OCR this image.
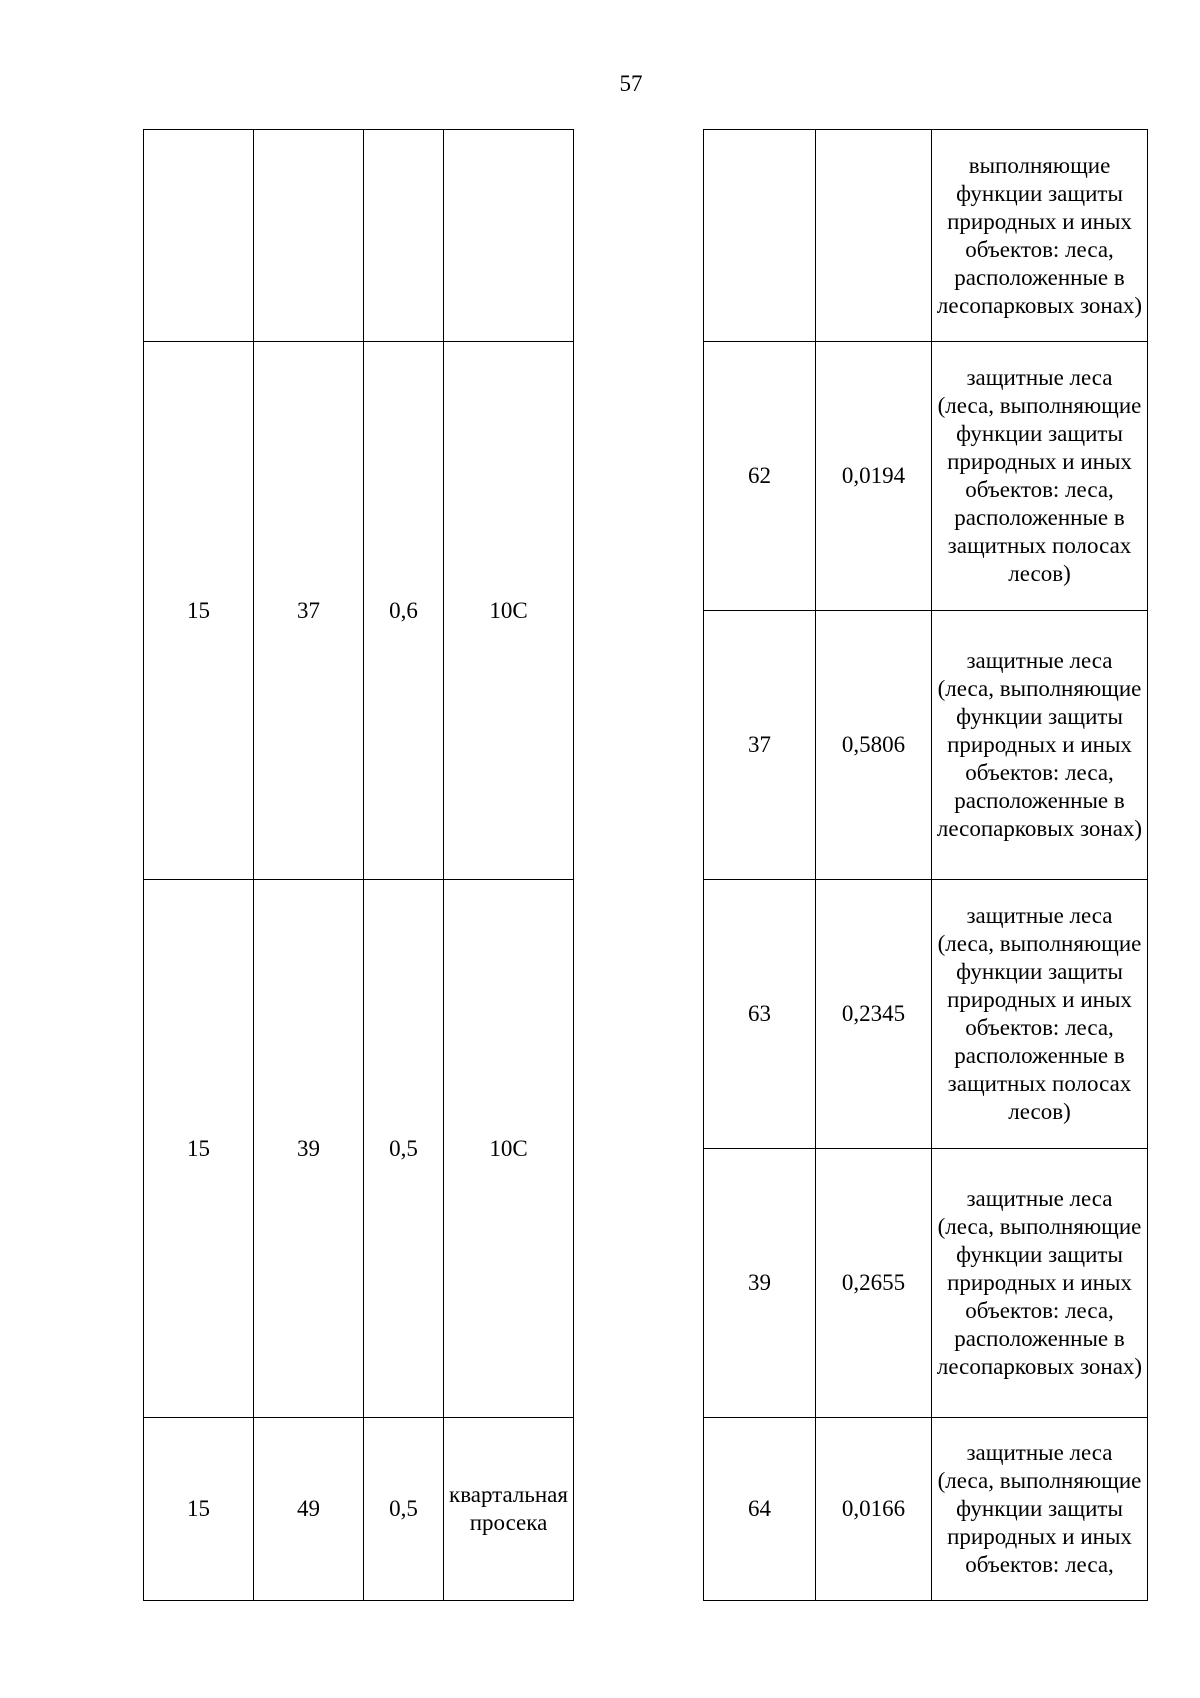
57
							выполняющие функции защиты природных и иных объектов: леса, расположенные в лесопарковых зонах)
15	37	0,6	10С		62	0,0194	защитные леса (леса, выполняющие функции защиты природных и иных объектов: леса, расположенные в защитных полосах лесов)
					37	0,5806	защитные леса (леса, выполняющие функции защиты природных и иных объектов: леса, расположенные в лесопарковых зонах)
15	39	0,5	10С		63	0,2345	защитные леса (леса, выполняющие функции защиты природных и иных объектов: леса, расположенные в защитных полосах лесов)
					39	0,2655	защитные леса (леса, выполняющие функции защиты природных и иных объектов: леса, расположенные в лесопарковых зонах)
15	49	0,5	квартальная просека		64	0,0166	защитные леса (леса, выполняющие функции защиты природных и иных объектов: леса,
